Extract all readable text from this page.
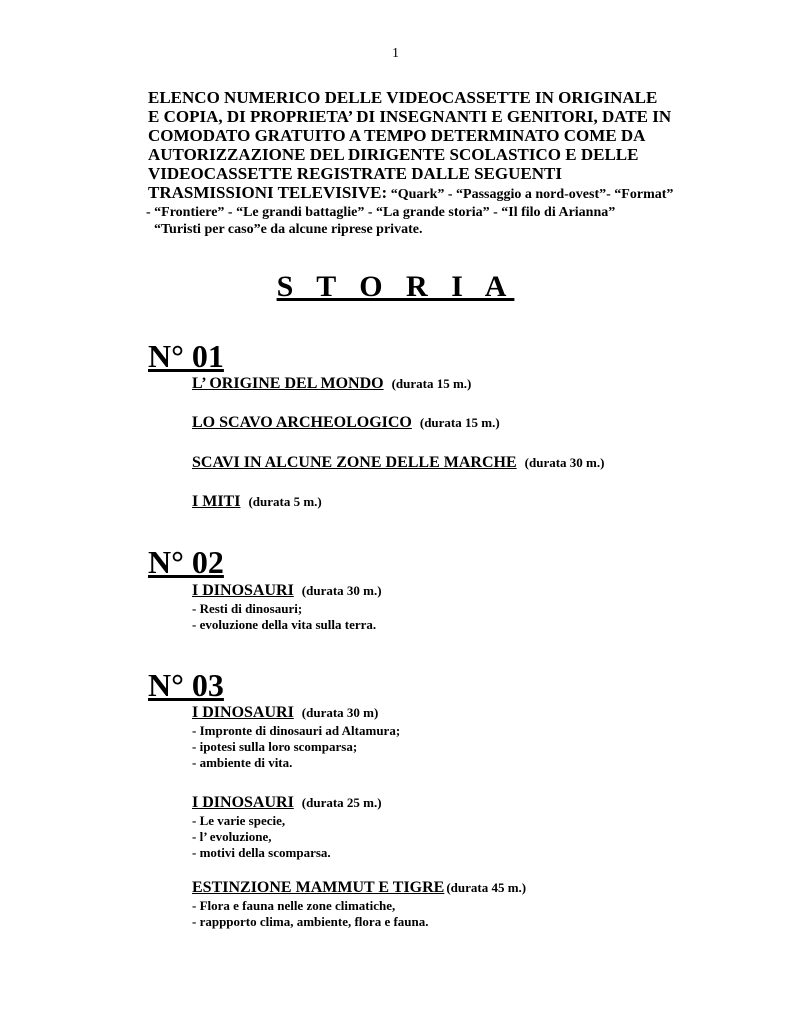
1
ELENCO NUMERICO DELLE VIDEOCASSETTE IN ORIGINALE
E COPIA, DI PROPRIETA’ DI INSEGNANTI E GENITORI, DATE IN
COMODATO GRATUITO A TEMPO DETERMINATO COME DA
AUTORIZZAZIONE DEL DIRIGENTE SCOLASTICO E DELLE
VIDEOCASSETTE REGISTRATE DALLE SEGUENTI
TRASMISSIONI TELEVISIVE: “Quark” - “Passaggio a nord-ovest”- “Format”
- “Frontiere” - “Le grandi battaglie” - “La grande storia” - “Il filo di Arianna”
“Turisti per caso”e da alcune riprese private.
S T O R I A
N° 01
L’ ORIGINE DEL MONDO (durata 15 m.)
LO SCAVO ARCHEOLOGICO (durata 15 m.)
SCAVI IN ALCUNE ZONE DELLE MARCHE (durata 30 m.)
I MITI (durata 5 m.)
N° 02
I DINOSAURI (durata 30 m.)
- Resti di dinosauri;
- evoluzione della vita sulla terra.
N° 03
I DINOSAURI (durata 30 m)
- Impronte di dinosauri ad Altamura;
- ipotesi sulla loro scomparsa;
- ambiente di vita.
I DINOSAURI (durata 25 m.)
- Le varie specie,
- l’ evoluzione,
- motivi della scomparsa.
ESTINZIONE MAMMUT E TIGRE (durata 45 m.)
- Flora e fauna nelle zone climatiche,
- rappporto clima, ambiente, flora e fauna.
